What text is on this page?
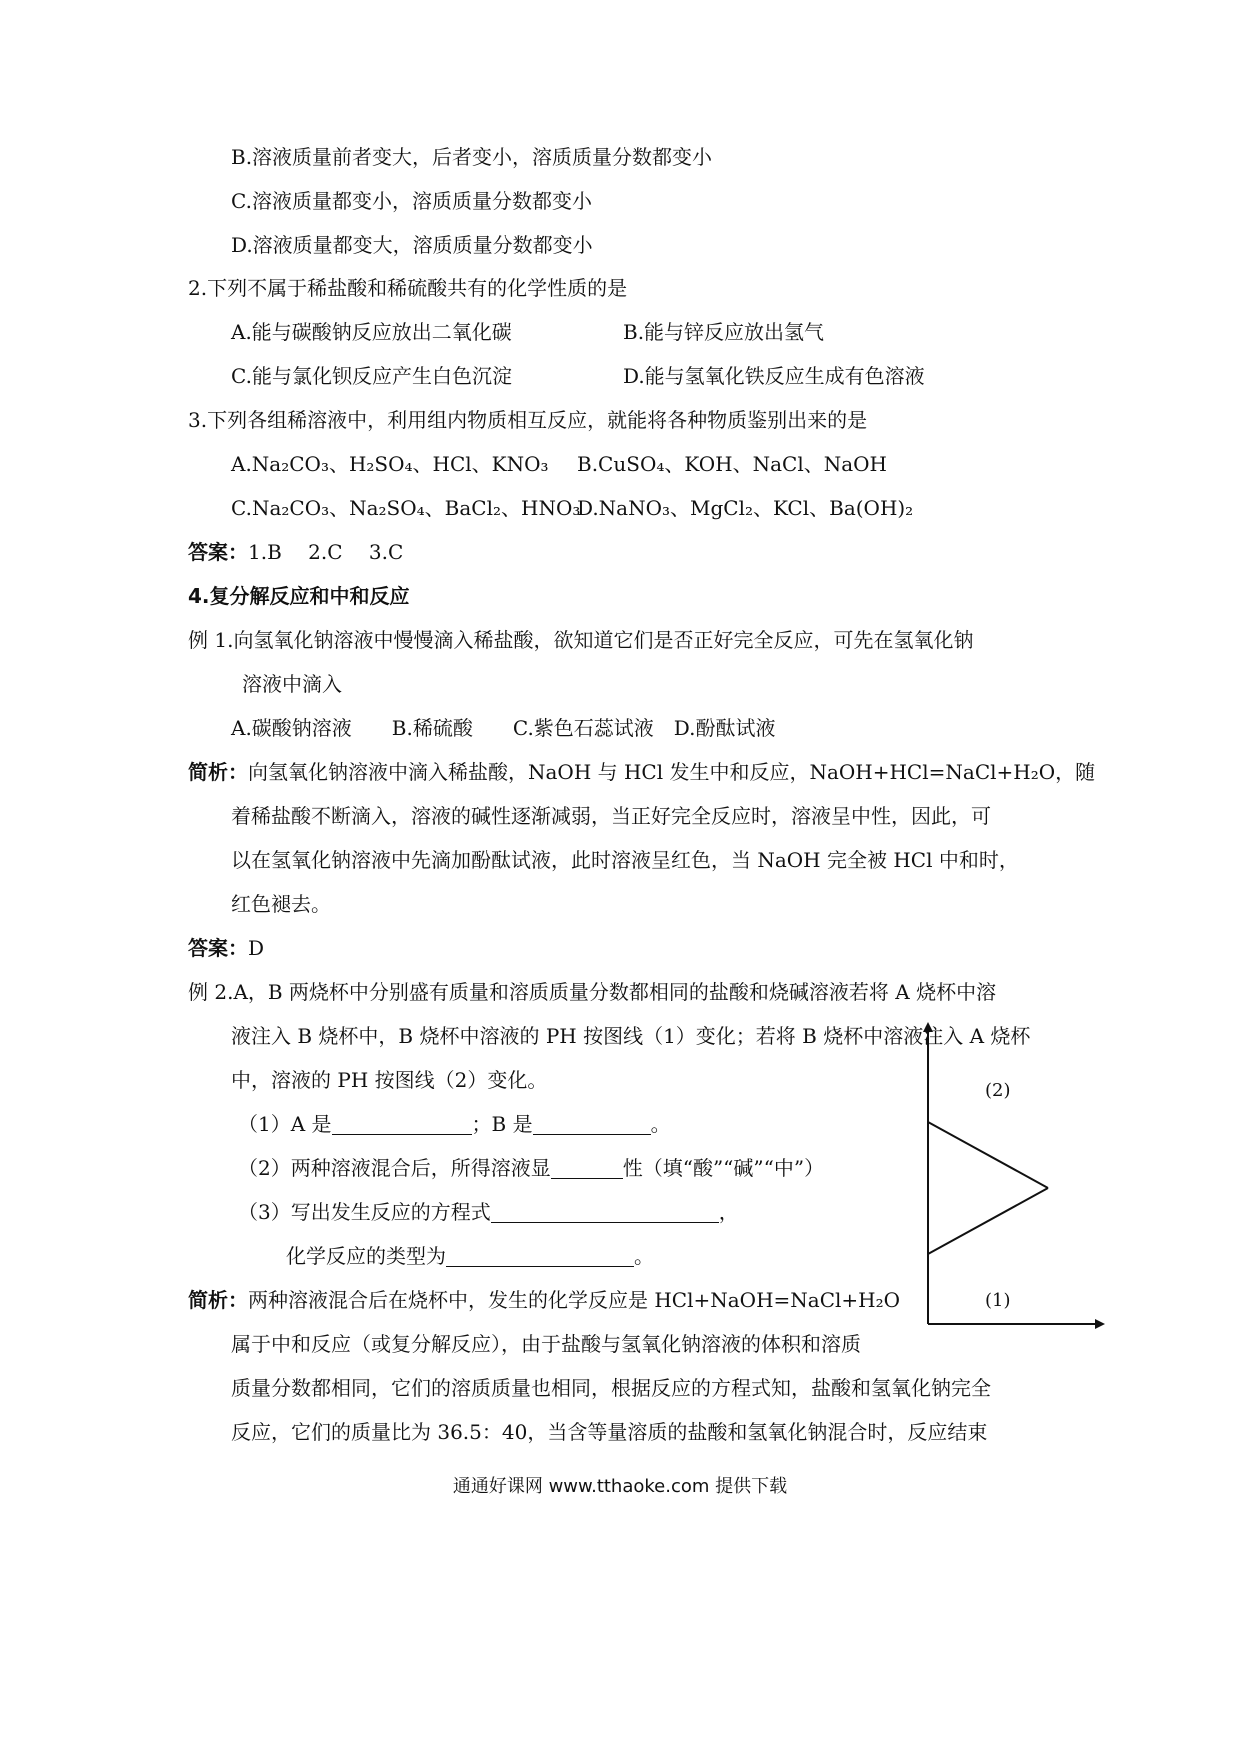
B.溶液质量前者变大，后者变小，溶质质量分数都变小
C.溶液质量都变小，溶质质量分数都变小
D.溶液质量都变大，溶质质量分数都变小
2.下列不属于稀盐酸和稀硫酸共有的化学性质的是
A.能与碳酸钠反应放出二氧化碳	B.能与锌反应放出氢气
C.能与氯化钡反应产生白色沉淀	D.能与氢氧化铁反应生成有色溶液
3.下列各组稀溶液中，利用组内物质相互反应，就能将各种物质鉴别出来的是
A.Na₂CO₃、H₂SO₄、HCl、KNO₃ B.CuSO₄、KOH、NaCl、NaOH
C.Na₂CO₃、Na₂SO₄、BaCl₂、HNO₃
D.NaNO₃、MgCl₂、KCl、Ba(OH)₂
答案：1.B　 2.C　 3.C
4.复分解反应和中和反应
例 1.向氢氧化钠溶液中慢慢滴入稀盐酸，欲知道它们是否正好完全反应，可先在氢氧化钠
溶液中滴入
A.碳酸钠溶液　　B.稀硫酸　　C.紫色石蕊试液　D.酚酞试液
简析：向氢氧化钠溶液中滴入稀盐酸，NaOH 与 HCl 发生中和反应，NaOH+HCl=NaCl+H₂O，随
着稀盐酸不断滴入，溶液的碱性逐渐减弱，当正好完全反应时，溶液呈中性，因此，可
以在氢氧化钠溶液中先滴加酚酞试液，此时溶液呈红色，当 NaOH 完全被 HCl 中和时，
红色褪去。
答案：D
例 2.A，B 两烧杯中分别盛有质量和溶质质量分数都相同的盐酸和烧碱溶液若将 A 烧杯中溶
液注入 B 烧杯中，B 烧杯中溶液的 PH 按图线（1）变化；若将 B 烧杯中溶液注入 A 烧杯
中，溶液的 PH 按图线（2）变化。
（1）A 是	；B 是	。
（2）两种溶液混合后，所得溶液显	性（填“酸”“碱”“中”）
（3）写出发生反应的方程式	，
化学反应的类型为	。
(2)
(1)
简析：两种溶液混合后在烧杯中，发生的化学反应是 HCl+NaOH=NaCl+H₂O
属于中和反应（或复分解反应），由于盐酸与氢氧化钠溶液的体积和溶质
质量分数都相同，它们的溶质质量也相同，根据反应的方程式知，盐酸和氢氧化钠完全
反应，它们的质量比为 36.5：40，当含等量溶质的盐酸和氢氧化钠混合时，反应结束
通通好课网 www.tthaoke.com 提供下载
